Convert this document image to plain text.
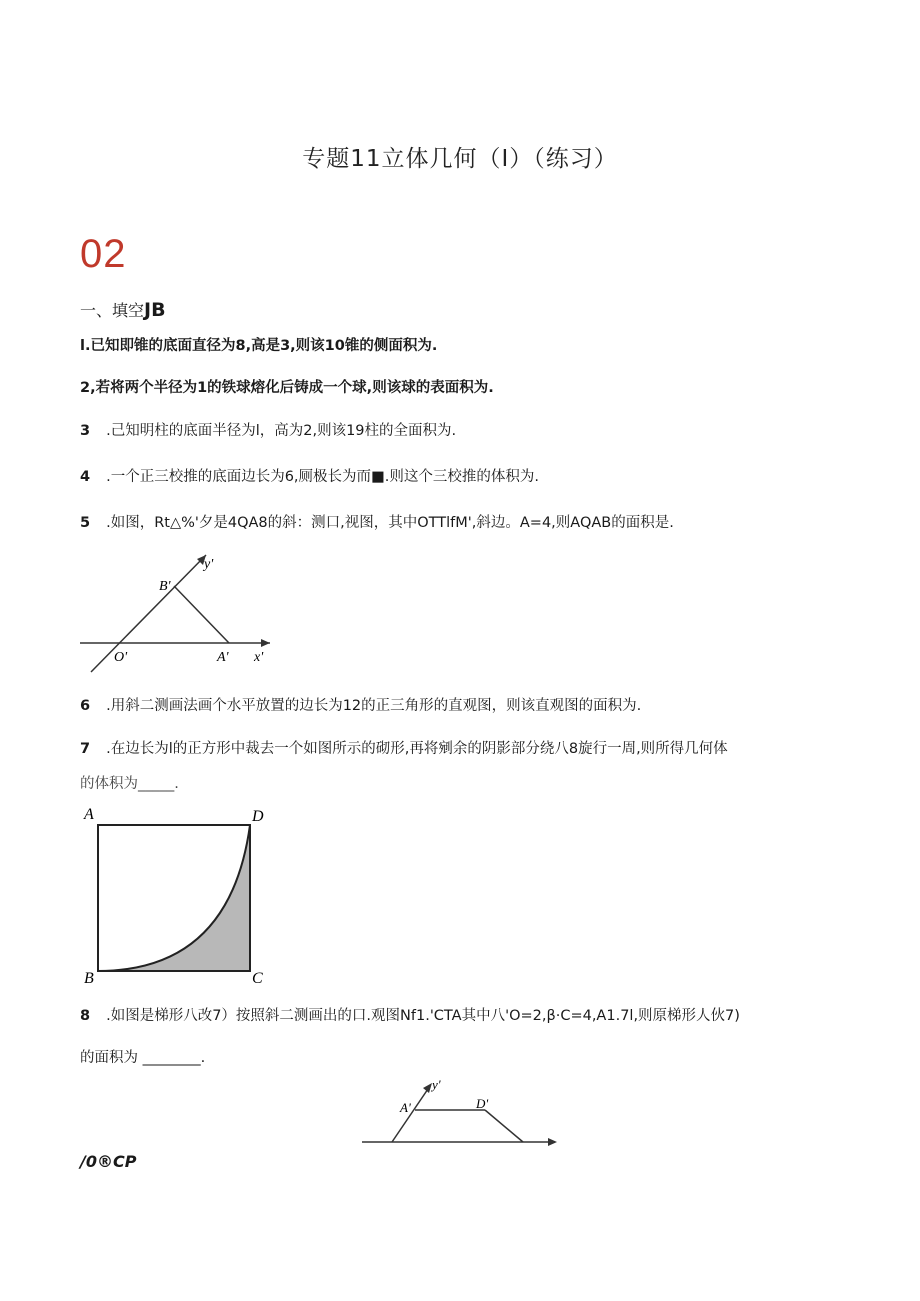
专题11立体几何（I）（练习）
02
一、填空JB
l.已知即锥的底面直径为8,高是3,则该10锥的侧面积为.
2,若将两个半径为1的铁球熔化后铸成一个球,则该球的表面积为.
3 .己知明柱的底面半径为l，高为2,则该19柱的全面积为.
4 .一个正三校推的底面边长为6,厕极长为而■.则这个三校推的体积为.
5 .如图，Rt△%'夕是4QA8的斜：测口,视图，其中OTTlfM',斜边。A=4,则AQAB的面积是.
y'
B'
O'	A' x'
6 .用斜二测画法画个水平放置的边长为12的正三角形的直观图，则该直观图的面积为.
7 .在边长为l的正方形中裁去一个如图所示的砌形,再将剜余的阴影部分绕八8旋行一周,则所得几何体
的体积为_____.
A	D
B	C
8 .如图是梯形八改7）按照斜二测画出的口.观图Nf1.'CTA其中八'O=2,β·C=4,A1.7l,则原梯形人伙7)
的面积为 ________.
y'
A'	D'
/0®CP
